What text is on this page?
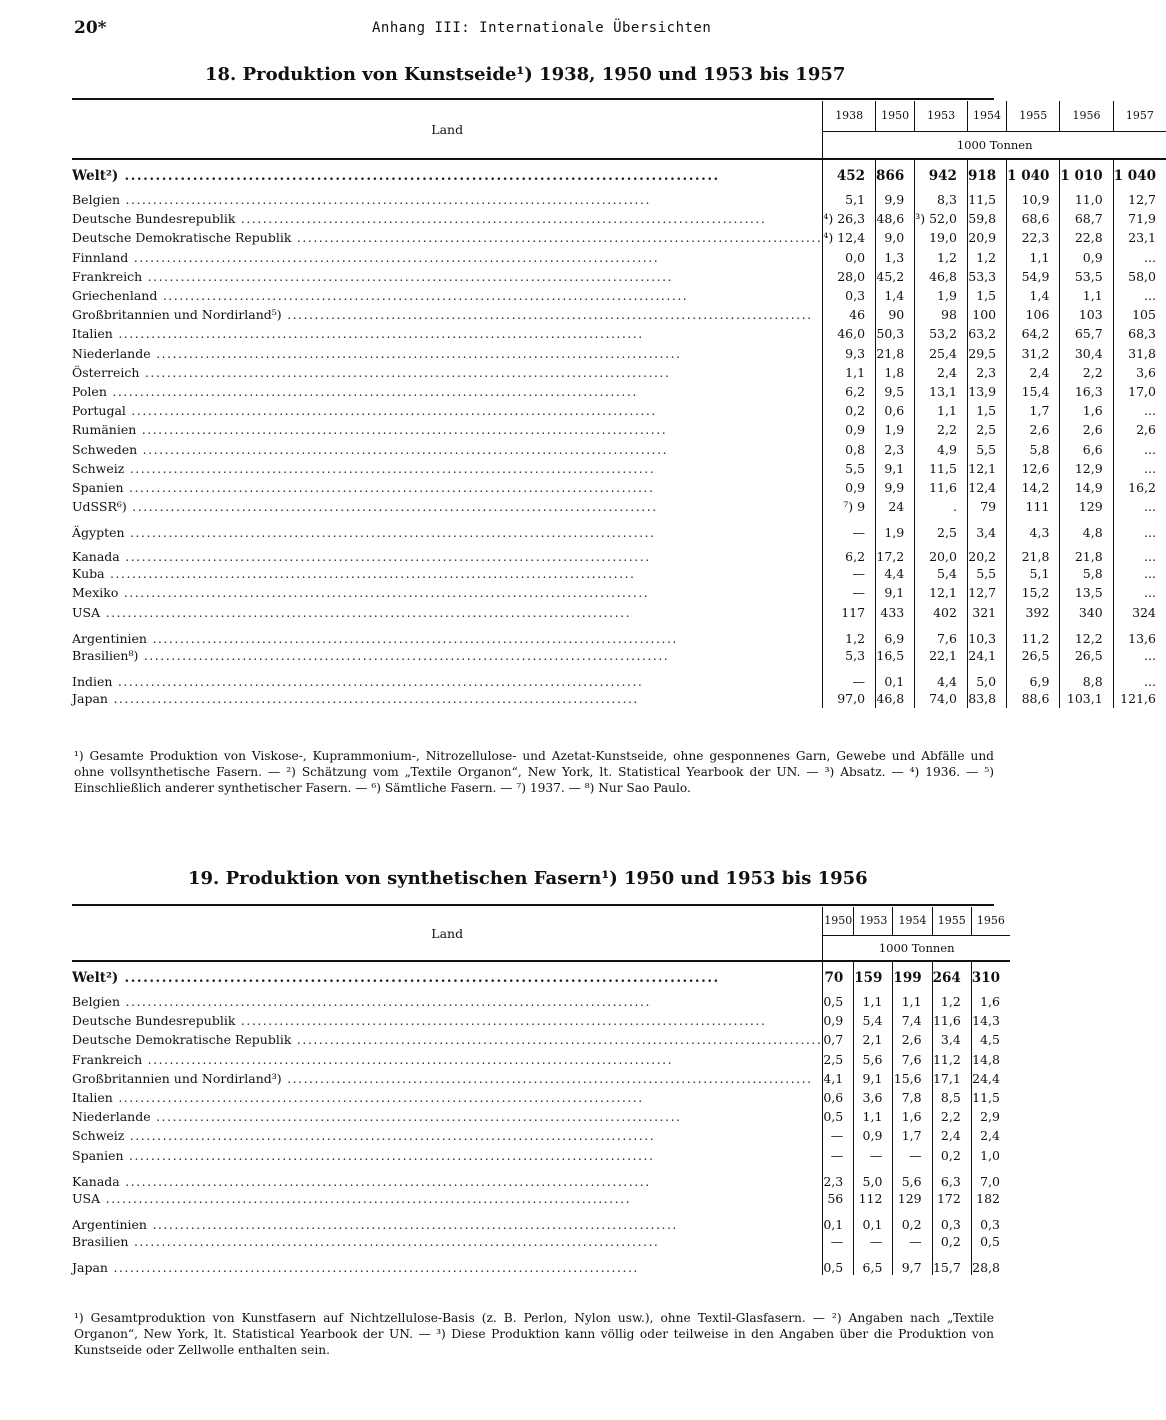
20*	Anhang III: Internationale Übersichten
18. Produktion von Kunstseide¹) 1938, 1950 und 1953 bis 1957
Land	1938	1950	1953	1954	1955	1956	1957
	1000 Tonnen						
Welt²) .....	452	866	942	918	1 040	1 010	1 040
Belgien .....	5,1	9,9	8,3	11,5	10,9	11,0	12,7
Deutsche Bundesrepublik .....	⁴) 26,3	48,6	³) 52,0	59,8	68,6	68,7	71,9
Deutsche Demokratische Republik .....	⁴) 12,4	9,0	19,0	20,9	22,3	22,8	23,1
Finnland .....	0,0	1,3	1,2	1,2	1,1	0,9	...
Frankreich .....	28,0	45,2	46,8	53,3	54,9	53,5	58,0
Griechenland .....	0,3	1,4	1,9	1,5	1,4	1,1	...
Großbritannien und Nordirland⁵) .....	46	90	98	100	106	103	105
Italien .....	46,0	50,3	53,2	63,2	64,2	65,7	68,3
Niederlande .....	9,3	21,8	25,4	29,5	31,2	30,4	31,8
Österreich .....	1,1	1,8	2,4	2,3	2,4	2,2	3,6
Polen .....	6,2	9,5	13,1	13,9	15,4	16,3	17,0
Portugal .....	0,2	0,6	1,1	1,5	1,7	1,6	...
Rumänien .....	0,9	1,9	2,2	2,5	2,6	2,6	2,6
Schweden .....	0,8	2,3	4,9	5,5	5,8	6,6	...
Schweiz .....	5,5	9,1	11,5	12,1	12,6	12,9	...
Spanien .....	0,9	9,9	11,6	12,4	14,2	14,9	16,2
UdSSR⁶) .....	⁷) 9	24	.	79	111	129	...
Ägypten .....	—	1,9	2,5	3,4	4,3	4,8	...
Kanada .....	6,2	17,2	20,0	20,2	21,8	21,8	...
Kuba .....	—	4,4	5,4	5,5	5,1	5,8	...
Mexiko .....	—	9,1	12,1	12,7	15,2	13,5	...
USA .....	117	433	402	321	392	340	324
Argentinien .....	1,2	6,9	7,6	10,3	11,2	12,2	13,6
Brasilien⁸) .....	5,3	16,5	22,1	24,1	26,5	26,5	...
Indien .....	—	0,1	4,4	5,0	6,9	8,8	...
Japan .....	97,0	46,8	74,0	83,8	88,6	103,1	121,6
¹) Gesamte Produktion von Viskose-, Kuprammonium-, Nitrozellulose- und Azetat-Kunstseide, ohne gesponnenes Garn, Gewebe und Abfälle und ohne vollsynthetische Fasern. — ²) Schätzung vom „Textile Organon“, New York, lt. Statistical Yearbook der UN. — ³) Absatz. — ⁴) 1936. — ⁵) Einschließlich anderer synthetischer Fasern. — ⁶) Sämtliche Fasern. — ⁷) 1937. — ⁸) Nur Sao Paulo.
19. Produktion von synthetischen Fasern¹) 1950 und 1953 bis 1956
Land	1950	1953	1954	1955	1956
	1000 Tonnen				
Welt²) .....	70	159	199	264	310
Belgien .....	0,5	1,1	1,1	1,2	1,6
Deutsche Bundesrepublik .....	0,9	5,4	7,4	11,6	14,3
Deutsche Demokratische Republik .....	0,7	2,1	2,6	3,4	4,5
Frankreich .....	2,5	5,6	7,6	11,2	14,8
Großbritannien und Nordirland³) .....	4,1	9,1	15,6	17,1	24,4
Italien .....	0,6	3,6	7,8	8,5	11,5
Niederlande .....	0,5	1,1	1,6	2,2	2,9
Schweiz .....	—	0,9	1,7	2,4	2,4
Spanien .....	—	—	—	0,2	1,0
Kanada .....	2,3	5,0	5,6	6,3	7,0
USA .....	56	112	129	172	182
Argentinien .....	0,1	0,1	0,2	0,3	0,3
Brasilien .....	—	—	—	0,2	0,5
Japan .....	0,5	6,5	9,7	15,7	28,8
¹) Gesamtproduktion von Kunstfasern auf Nichtzellulose-Basis (z. B. Perlon, Nylon usw.), ohne Textil-Glasfasern. — ²) Angaben nach „Textile Organon“, New York, lt. Statistical Yearbook der UN. — ³) Diese Produktion kann völlig oder teilweise in den Angaben über die Produktion von Kunstseide oder Zellwolle enthalten sein.
